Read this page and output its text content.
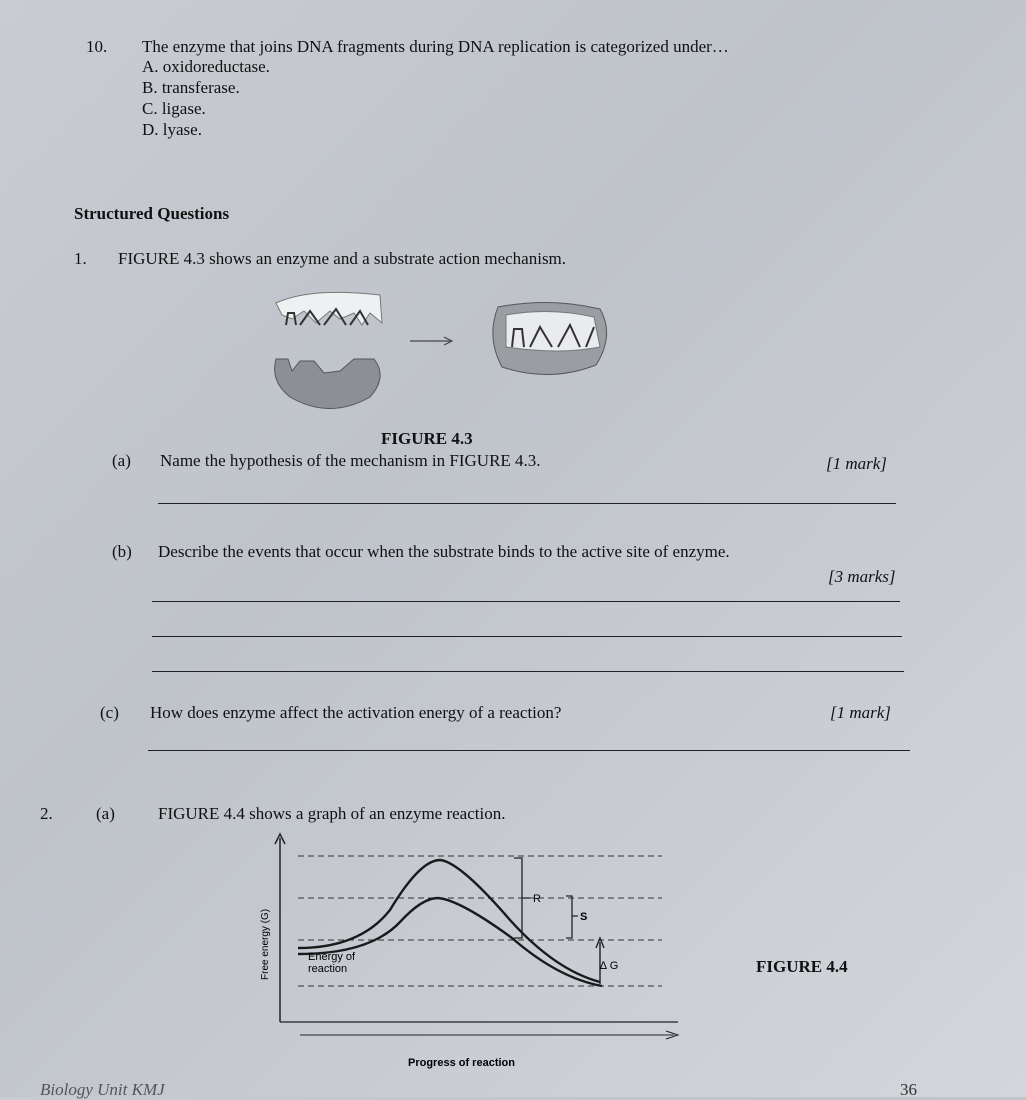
10. The enzyme that joins DNA fragments during DNA replication is categorized under…
A. oxidoreductase.
B. transferase.
C. ligase.
D. lyase.
Structured Questions
1. FIGURE 4.3 shows an enzyme and a substrate action mechanism.
FIGURE 4.3
(a) Name the hypothesis of the mechanism in FIGURE 4.3.	[1 mark]
(b) Describe the events that occur when the substrate binds to the active site of enzyme.
[3 marks]
(c) How does enzyme affect the activation energy of a reaction?	[1 mark]
2.	(a)	FIGURE 4.4 shows a graph of an enzyme reaction.
R
S
Energy of
reaction	∆ G
Free energy (G)
Progress of reaction
FIGURE 4.4
Biology Unit KMJ	36
